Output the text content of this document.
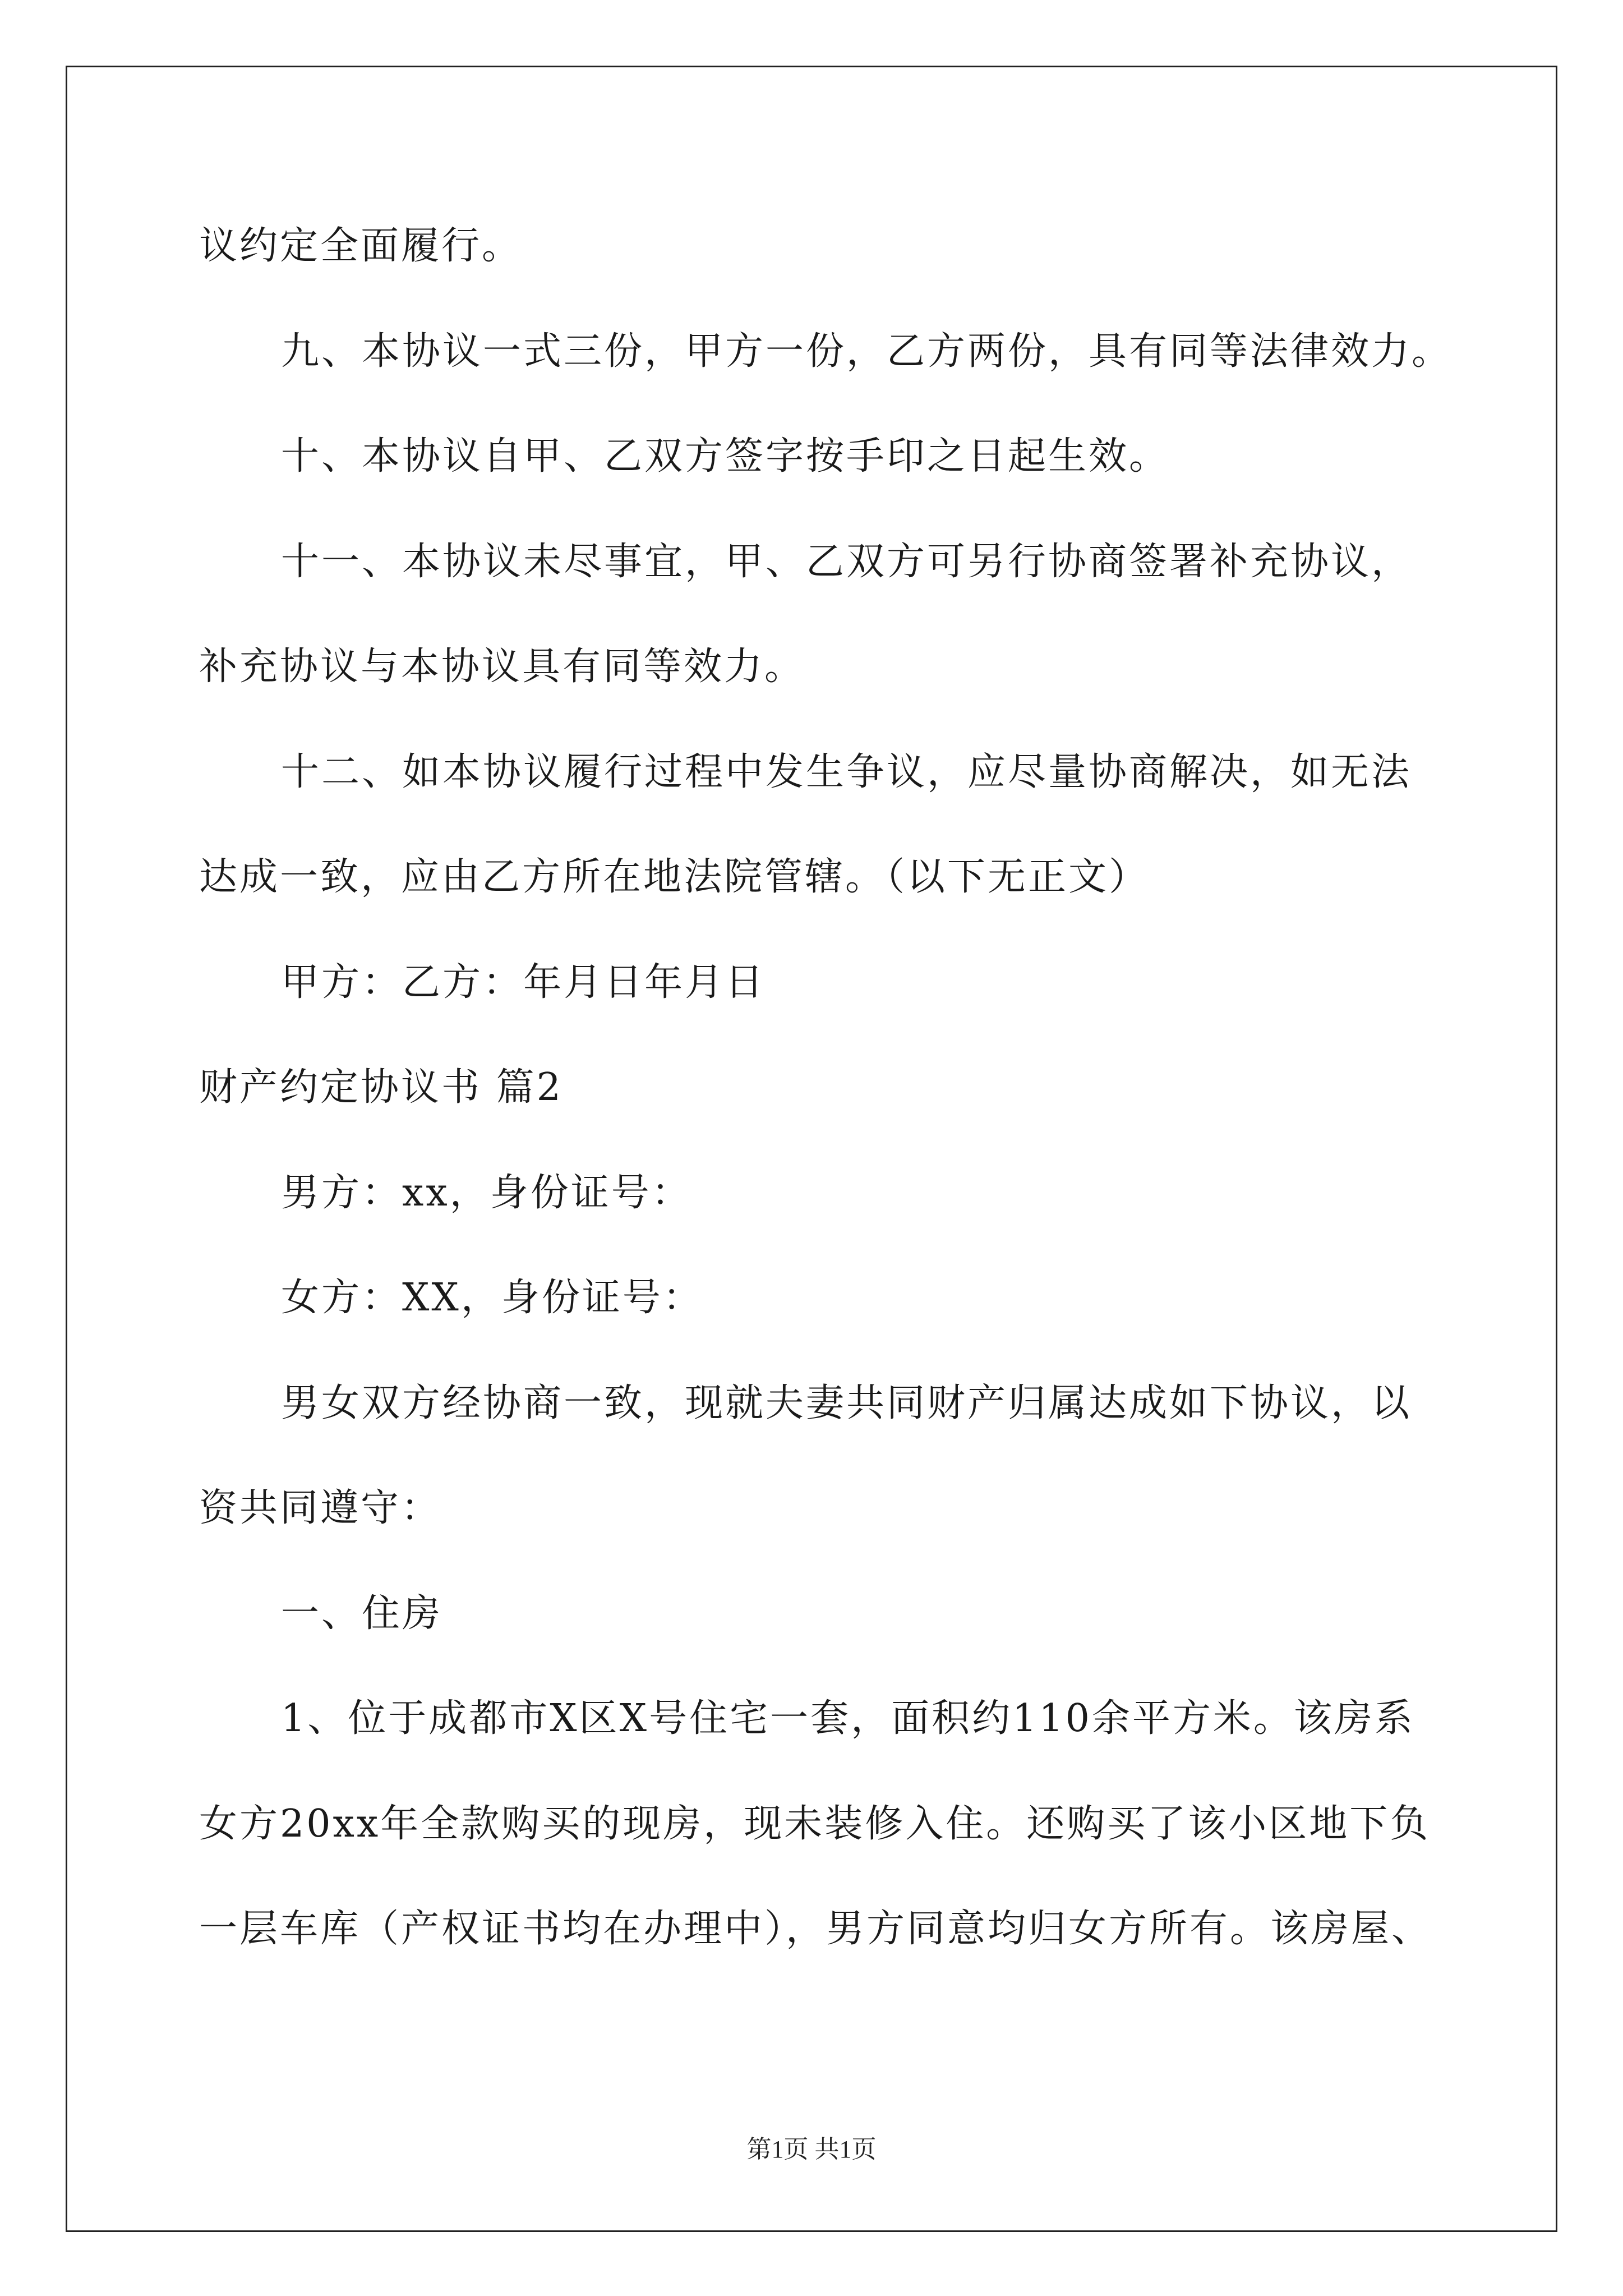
议约定全面履行。
九、本协议一式三份，甲方一份，乙方两份，具有同等法律效力。
十、本协议自甲、乙双方签字按手印之日起生效。
十一、本协议未尽事宜，甲、乙双方可另行协商签署补充协议，
补充协议与本协议具有同等效力。
十二、如本协议履行过程中发生争议，应尽量协商解决，如无法
达成一致，应由乙方所在地法院管辖。（以下无正文）
甲方：乙方：年月日年月日
财产约定协议书 篇2
男方：xx，身份证号：
女方：XX，身份证号：
男女双方经协商一致，现就夫妻共同财产归属达成如下协议，以
资共同遵守：
一、住房
1、位于成都市X区X号住宅一套，面积约110余平方米。该房系
女方20xx年全款购买的现房，现未装修入住。还购买了该小区地下负
一层车库（产权证书均在办理中），男方同意均归女方所有。该房屋、
第1页 共1页
